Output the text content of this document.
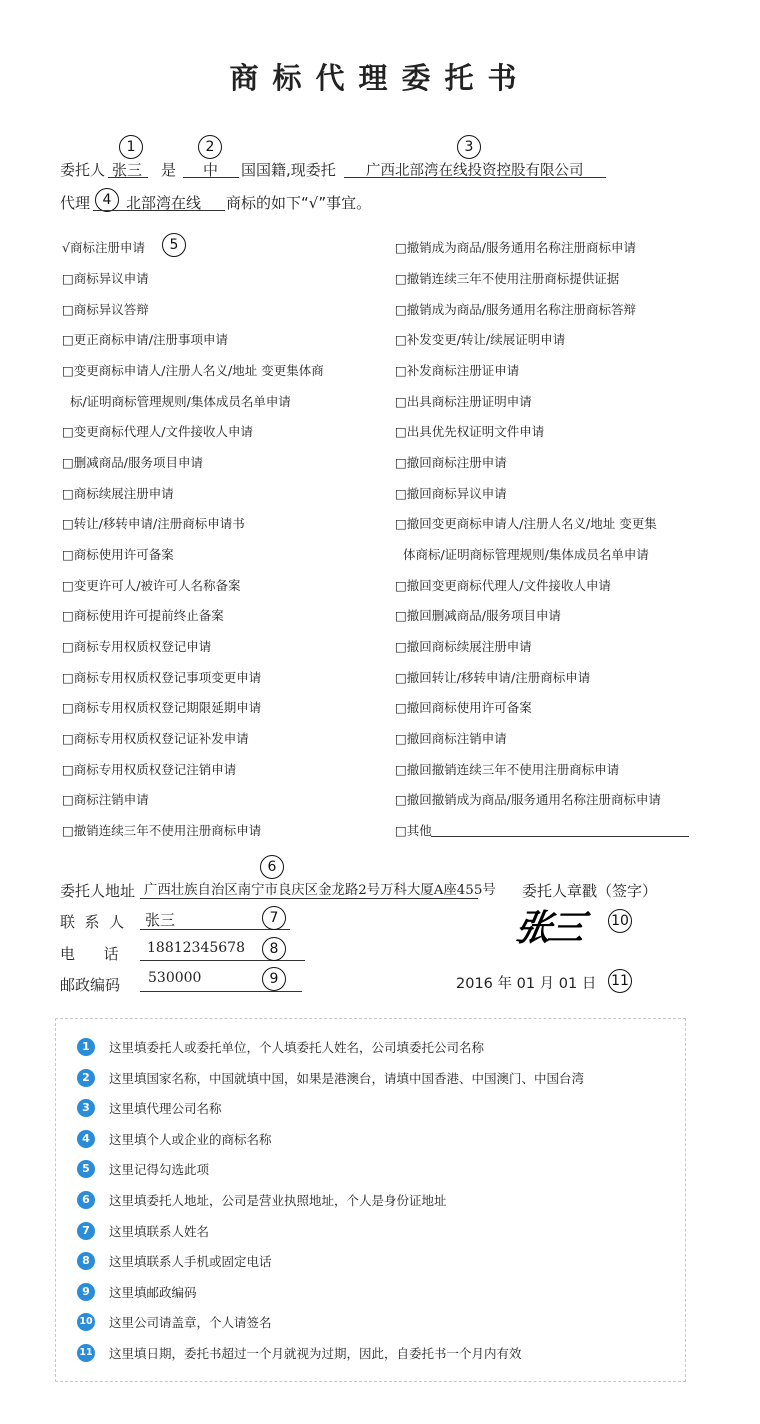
商标代理委托书
1	2	3
委托人 张三 是 中 国国籍,现委托 广西北部湾在线投资控股有限公司
代理 4 北部湾在线 商标的如下“√”事宜。
√商标注册申请	5
□商标异议申请
□商标异议答辩
□更正商标申请/注册事项申请
□变更商标申请人/注册人名义/地址 变更集体商
标/证明商标管理规则/集体成员名单申请
□变更商标代理人/文件接收人申请
□删减商品/服务项目申请
□商标续展注册申请
□转让/移转申请/注册商标申请书
□商标使用许可备案
□变更许可人/被许可人名称备案
□商标使用许可提前终止备案
□商标专用权质权登记申请
□商标专用权质权登记事项变更申请
□商标专用权质权登记期限延期申请
□商标专用权质权登记证补发申请
□商标专用权质权登记注销申请
□商标注销申请
□撤销连续三年不使用注册商标申请
□撤销成为商品/服务通用名称注册商标申请
□撤销连续三年不使用注册商标提供证据
□撤销成为商品/服务通用名称注册商标答辩
□补发变更/转让/续展证明申请
□补发商标注册证申请
□出具商标注册证明申请
□出具优先权证明文件申请
□撤回商标注册申请
□撤回商标异议申请
□撤回变更商标申请人/注册人名义/地址 变更集
体商标/证明商标管理规则/集体成员名单申请
□撤回变更商标代理人/文件接收人申请
□撤回删减商品/服务项目申请
□撤回商标续展注册申请
□撤回转让/移转申请/注册商标申请
□撤回商标使用许可备案
□撤回商标注销申请
□撤回撤销连续三年不使用注册商标申请
□撤回撤销成为商品/服务通用名称注册商标申请
□其他
6
委托人地址 广西壮族自治区南宁市良庆区金龙路2号万科大厦A座455号 委托人章戳（签字）
联  系  人 张三	7
电      话 18812345678	8
邮政编码 530000	9
张三 10
2016 年 01 月 01 日 11
1 这里填委托人或委托单位，个人填委托人姓名，公司填委托公司名称
2 这里填国家名称，中国就填中国，如果是港澳台，请填中国香港、中国澳门、中国台湾
3 这里填代理公司名称
4 这里填个人或企业的商标名称
5 这里记得勾选此项
6 这里填委托人地址，公司是营业执照地址，个人是身份证地址
7 这里填联系人姓名
8 这里填联系人手机或固定电话
9 这里填邮政编码
10 这里公司请盖章，个人请签名
11 这里填日期，委托书超过一个月就视为过期，因此，自委托书一个月内有效
